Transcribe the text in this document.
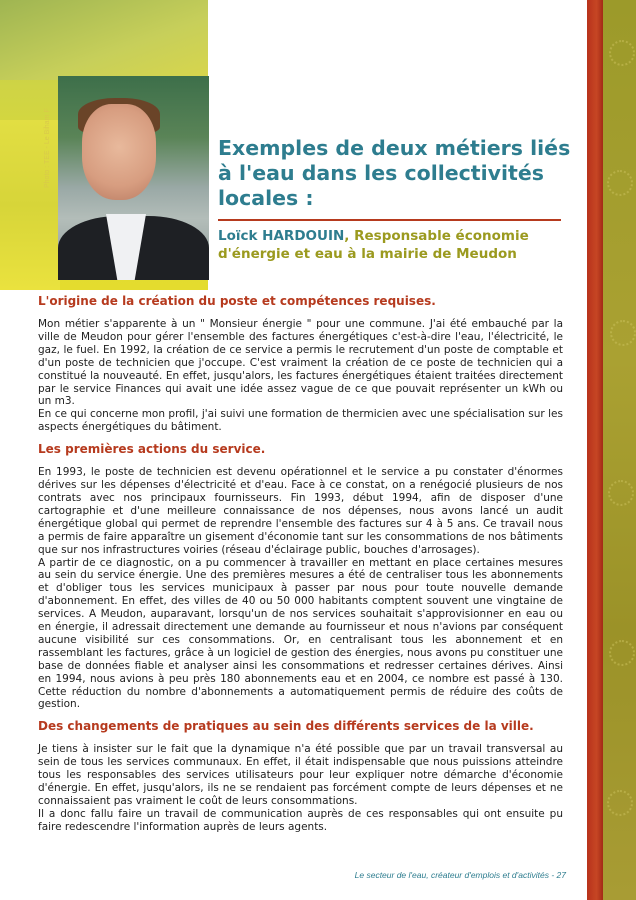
Photo : TEE - Le Biham F	Exemples de deux métiers liés à l'eau dans les collectivités locales :

Loïck HARDOUIN, Responsable économie d'énergie et eau à la mairie de Meudon

L'origine de la création du poste et compétences requises.

Mon métier s'apparente à un " Monsieur énergie " pour une commune. J'ai été embauché par la ville de Meudon pour gérer l'ensemble des factures énergétiques c'est-à-dire l'eau, l'électricité, le gaz, le fuel. En 1992, la création de ce service a permis le recrutement d'un poste de comptable et d'un poste de technicien que j'occupe. C'est vraiment la création de ce poste de technicien qui a constitué la nouveauté. En effet, jusqu'alors, les factures énergétiques étaient traitées directement par le service Finances qui avait une idée assez vague de ce que pouvait représenter un kWh ou un m3.

En ce qui concerne mon profil, j'ai suivi une formation de thermicien avec une spécialisation sur les aspects énergétiques du bâtiment.

Les premières actions du service.

En 1993, le poste de technicien est devenu opérationnel et le service a pu constater d'énormes dérives sur les dépenses d'électricité et d'eau. Face à ce constat, on a renégocié plusieurs de nos contrats avec nos principaux fournisseurs. Fin 1993, début 1994, afin de disposer d'une cartographie et d'une meilleure connaissance de nos dépenses, nous avons lancé un audit énergétique global qui permet de reprendre l'ensemble des factures sur 4 à 5 ans. Ce travail nous a permis de faire apparaître un gisement d'économie tant sur les consommations de nos bâtiments que sur nos infrastructures voiries (réseau d'éclairage public, bouches d'arrosages).

A partir de ce diagnostic, on a pu commencer à travailler en mettant en place certaines mesures au sein du service énergie. Une des premières mesures a été de centraliser tous les abonnements et d'obliger tous les services municipaux à passer par nous pour toute nouvelle demande d'abonnement. En effet, des villes de 40 ou 50 000 habitants comptent souvent une vingtaine de services. A Meudon, auparavant, lorsqu'un de nos services souhaitait s'approvisionner en eau ou en énergie, il adressait directement une demande au fournisseur et nous n'avions par conséquent aucune visibilité sur ces consommations. Or, en centralisant tous les abonnement et en rassemblant les factures, grâce à un logiciel de gestion des énergies, nous avons pu constituer une base de données fiable et analyser ainsi les consommations et redresser certaines dérives. Ainsi en 1994, nous avions à peu près 180 abonnements eau et en 2004, ce nombre est passé à 130. Cette réduction du nombre d'abonnements a automatiquement permis de réduire des coûts de gestion.

Des changements de pratiques au sein des différents services de la ville.

Je tiens à insister sur le fait que la dynamique n'a été possible que par un travail transversal au sein de tous les services communaux. En effet, il était indispensable que nous puissions atteindre tous les responsables des services utilisateurs pour leur expliquer notre démarche d'économie d'énergie. En effet, jusqu'alors, ils ne se rendaient pas forcément compte de leurs dépenses et ne connaissaient pas vraiment le coût de leurs consommations.

Il a donc fallu faire un travail de communication auprès de ces responsables qui ont ensuite pu faire redescendre l'information auprès de leurs agents.

Le secteur de l'eau, créateur d'emplois et d'activités - 27
